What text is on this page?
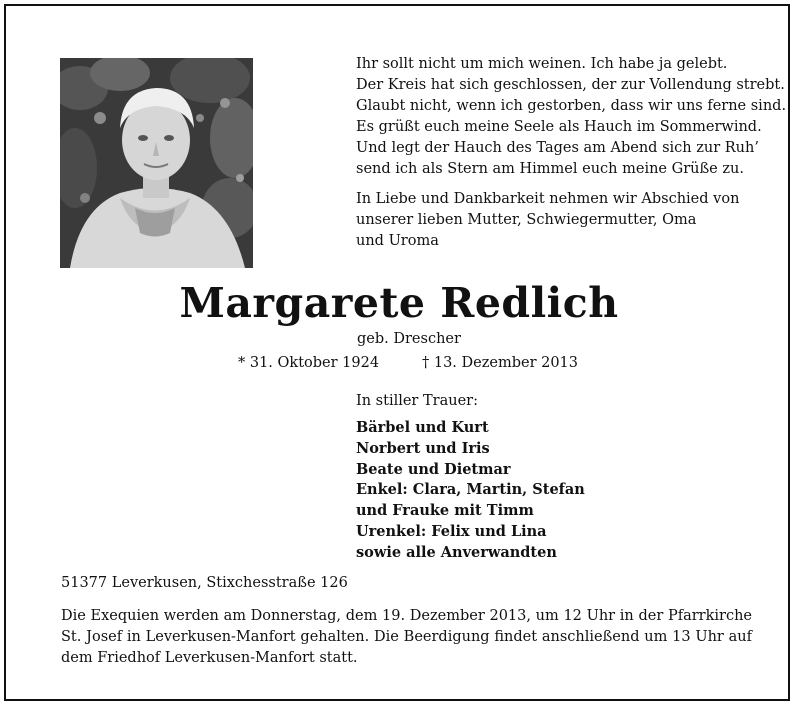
Ihr sollt nicht um mich weinen. Ich habe ja gelebt.
Der Kreis hat sich geschlossen, der zur Vollendung strebt.
Glaubt nicht, wenn ich gestorben, dass wir uns ferne sind.
Es grüßt euch meine Seele als Hauch im Sommerwind.
Und legt der Hauch des Tages am Abend sich zur Ruh’
send ich als Stern am Himmel euch meine Grüße zu.
In Liebe und Dankbarkeit nehmen wir Abschied von
unserer lieben Mutter, Schwiegermutter, Oma
und Uroma
Margarete Redlich
geb. Drescher
* 31. Oktober 1924	† 13. Dezember 2013
In stiller Trauer:
Bärbel und Kurt
Norbert und Iris
Beate und Dietmar
Enkel: Clara, Martin, Stefan
und Frauke mit Timm
Urenkel: Felix und Lina
sowie alle Anverwandten
51377 Leverkusen, Stixchesstraße 126
Die Exequien werden am Donnerstag, dem 19. Dezember 2013, um 12 Uhr in der Pfarrkirche St. Josef in Leverkusen-Manfort gehalten. Die Beerdigung findet anschließend um 13 Uhr auf dem Friedhof Leverkusen-Manfort statt.
